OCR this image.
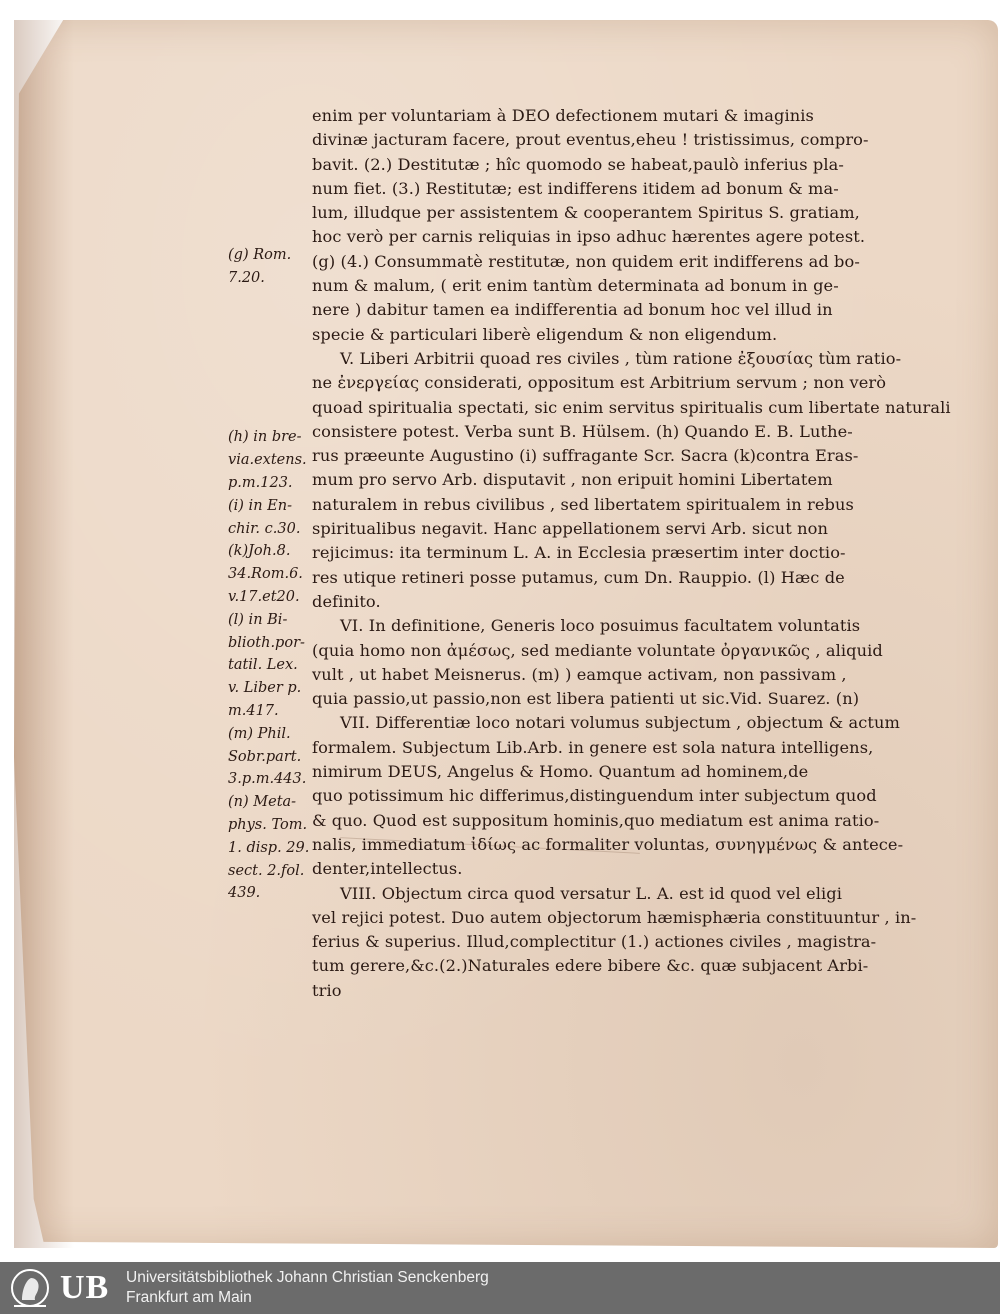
(g) Rom.
7.20.
(h) in bre-
via.extens.
p.m.123.
(i) in En-
chir. c.30.
(k)Joh.8.
34.Rom.6.
v.17.et20.
(l) in Bi-
blioth.por-
tatil. Lex.
v. Liber p.
m.417.
(m) Phil.
Sobr.part.
3.p.m.443.
(n) Meta-
phys. Tom.
1. disp. 29.
sect. 2.fol.
439.
enim per voluntariam à DEO defectionem mutari & imaginis
divinæ jacturam facere, prout eventus,eheu ! tristissimus, compro-
bavit. (2.) Destitutæ ; hîc quomodo se habeat,paulò inferius pla-
num fiet. (3.) Restitutæ; est indifferens itidem ad bonum & ma-
lum, illudque per assistentem & cooperantem Spiritus S. gratiam,
hoc verò per carnis reliquias in ipso adhuc hærentes agere potest.
(g) (4.) Consummatè restitutæ, non quidem erit indifferens ad bo-
num & malum, ( erit enim tantùm determinata ad bonum in ge-
nere ) dabitur tamen ea indifferentia ad bonum hoc vel illud in
specie & particulari liberè eligendum & non eligendum.
V. Liberi Arbitrii quoad res civiles , tùm ratione ἐξουσίας tùm ratio-
ne ἐνεργείας considerati, oppositum est Arbitrium servum ; non verò
quoad spiritualia spectati, sic enim servitus spiritualis cum libertate naturali
consistere potest. Verba sunt B. Hülsem. (h) Quando E. B. Luthe-
rus præeunte Augustino (i) suffragante Scr. Sacra (k)contra Eras-
mum pro servo Arb. disputavit , non eripuit homini Libertatem
naturalem in rebus civilibus , sed libertatem spiritualem in rebus
spiritualibus negavit. Hanc appellationem servi Arb. sicut non
rejicimus: ita terminum L. A. in Ecclesia præsertim inter doctio-
res utique retineri posse putamus, cum Dn. Rauppio. (l) Hæc de
definito.
VI. In definitione, Generis loco posuimus facultatem voluntatis
(quia homo non ἀμέσως, sed mediante voluntate ὀργανικῶς , aliquid
vult , ut habet Meisnerus. (m) ) eamque activam, non passivam ,
quia passio,ut passio,non est libera patienti ut sic.Vid. Suarez. (n)
VII. Differentiæ loco notari volumus subjectum , objectum & actum
formalem. Subjectum Lib.Arb. in genere est sola natura intelligens,
nimirum DEUS, Angelus & Homo. Quantum ad hominem,de
quo potissimum hic differimus,distinguendum inter subjectum quod
& quo. Quod est suppositum hominis,quo mediatum est anima ratio-
nalis, immediatum ἰδίως ac formaliter voluntas, συνηγμένως & antece-
denter,intellectus.
VIII. Objectum circa quod versatur L. A. est id quod vel eligi
vel rejici potest. Duo autem objectorum hæmisphæria constituuntur , in-
ferius & superius. Illud,complectitur (1.) actiones civiles , magistra-
tum gerere,&c.(2.)Naturales edere bibere &c. quæ subjacent Arbi-
trio
UB Universitätsbibliothek Johann Christian Senckenberg
Frankfurt am Main
